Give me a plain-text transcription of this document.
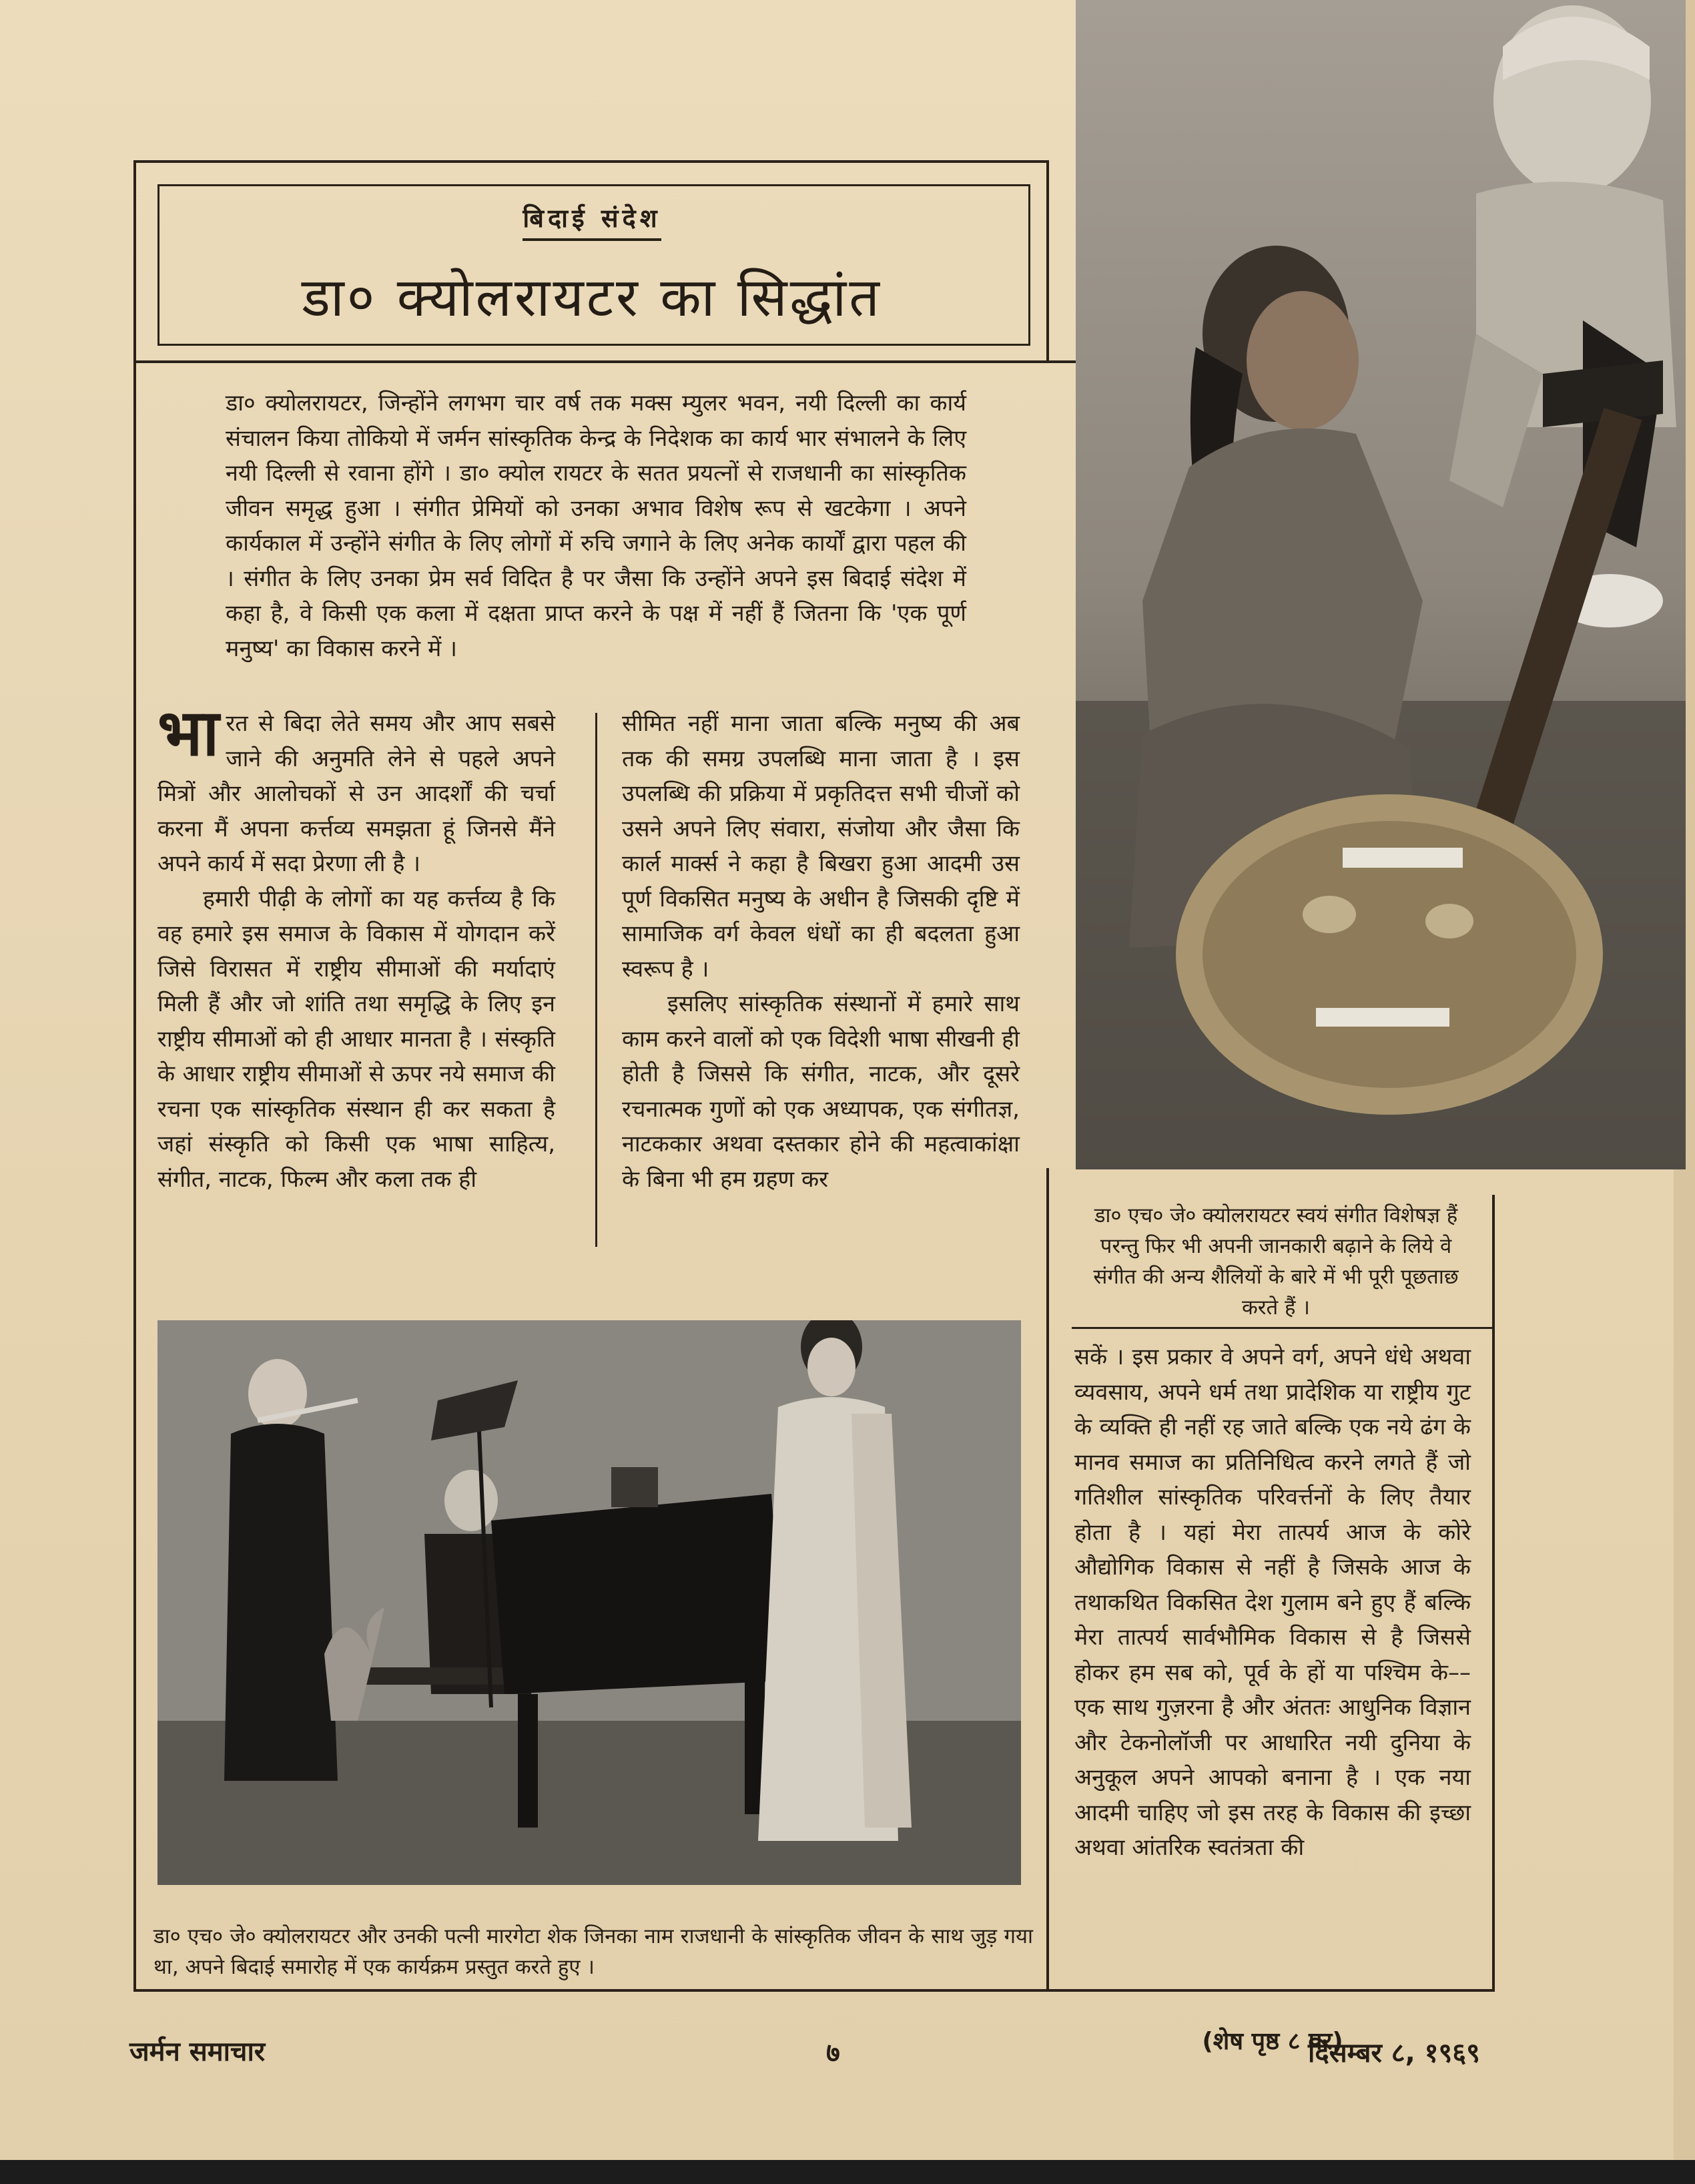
बिदाई संदेश
डा० क्योलरायटर का सिद्धांत
डा० क्योलरायटर, जिन्होंने लगभग चार वर्ष तक मक्स म्युलर भवन, नयी दिल्ली का कार्य संचालन किया तोकियो में जर्मन सांस्कृतिक केन्द्र के निदेशक का कार्य भार संभालने के लिए नयी दिल्ली से रवाना होंगे । डा० क्योल रायटर के सतत प्रयत्नों से राजधानी का सांस्कृतिक जीवन समृद्ध हुआ । संगीत प्रेमियों को उनका अभाव विशेष रूप से खटकेगा । अपने कार्यकाल में उन्होंने संगीत के लिए लोगों में रुचि जगाने के लिए अनेक कार्यों द्वारा पहल की । संगीत के लिए उनका प्रेम सर्व विदित है पर जैसा कि उन्होंने अपने इस बिदाई संदेश में कहा है, वे किसी एक कला में दक्षता प्राप्त करने के पक्ष में नहीं हैं जितना कि 'एक पूर्ण मनुष्य' का विकास करने में ।

भारत से बिदा लेते समय और आप सबसे जाने की अनुमति लेने से पहले अपने मित्रों और आलोचकों से उन आदर्शों की चर्चा करना मैं अपना कर्त्तव्य समझता हूं जिनसे मैंने अपने कार्य में सदा प्रेरणा ली है ।

हमारी पीढ़ी के लोगों का यह कर्त्तव्य है कि वह हमारे इस समाज के विकास में योगदान करें जिसे विरासत में राष्ट्रीय सीमाओं की मर्यादाएं मिली हैं और जो शांति तथा समृद्धि के लिए इन राष्ट्रीय सीमाओं को ही आधार मानता है । संस्कृति के आधार राष्ट्रीय सीमाओं से ऊपर नये समाज की रचना एक सांस्कृतिक संस्थान ही कर सकता है जहां संस्कृति को किसी एक भाषा साहित्य, संगीत, नाटक, फिल्म और कला तक ही

सीमित नहीं माना जाता बल्कि मनुष्य की अब तक की समग्र उपलब्धि माना जाता है । इस उपलब्धि की प्रक्रिया में प्रकृतिदत्त सभी चीजों को उसने अपने लिए संवारा, संजोया और जैसा कि कार्ल मार्क्स ने कहा है बिखरा हुआ आदमी उस पूर्ण विकसित मनुष्य के अधीन है जिसकी दृष्टि में सामाजिक वर्ग केवल धंधों का ही बदलता हुआ स्वरूप है ।

इसलिए सांस्कृतिक संस्थानों में हमारे साथ काम करने वालों को एक विदेशी भाषा सीखनी ही होती है जिससे कि संगीत, नाटक, और दूसरे रचनात्मक गुणों को एक अध्यापक, एक संगीतज्ञ, नाटककार अथवा दस्तकार होने की महत्वाकांक्षा के बिना भी हम ग्रहण कर

डा० एच० जे० क्योलरायटर स्वयं संगीत विशेषज्ञ हैं परन्तु फिर भी अपनी जानकारी बढ़ाने के लिये वे संगीत की अन्य शैलियों के बारे में भी पूरी पूछताछ करते हैं ।
सकें । इस प्रकार वे अपने वर्ग, अपने धंधे अथवा व्यवसाय, अपने धर्म तथा प्रादेशिक या राष्ट्रीय गुट के व्यक्ति ही नहीं रह जाते बल्कि एक नये ढंग के मानव समाज का प्रतिनिधित्व करने लगते हैं जो गतिशील सांस्कृतिक परिवर्त्तनों के लिए तैयार होता है । यहां मेरा तात्पर्य आज के कोरे औद्योगिक विकास से नहीं है जिसके आज के तथाकथित विकसित देश गुलाम बने हुए हैं बल्कि मेरा तात्पर्य सार्वभौमिक विकास से है जिससे होकर हम सब को, पूर्व के हों या पश्चिम के––एक साथ गुज़रना है और अंततः आधुनिक विज्ञान और टेकनोलॉजी पर आधारित नयी दुनिया के अनुकूल अपने आपको बनाना है । एक नया आदमी चाहिए जो इस तरह के विकास की इच्छा अथवा आंतरिक स्वतंत्रता की
(शेष पृष्ठ ८ पर)
डा० एच० जे० क्योलरायटर और उनकी पत्नी मारगेटा शेक जिनका नाम राजधानी के सांस्कृतिक जीवन के साथ जुड़ गया था, अपने बिदाई समारोह में एक कार्यक्रम प्रस्तुत करते हुए ।
जर्मन समाचार	७	दिसम्बर ८, १९६९
